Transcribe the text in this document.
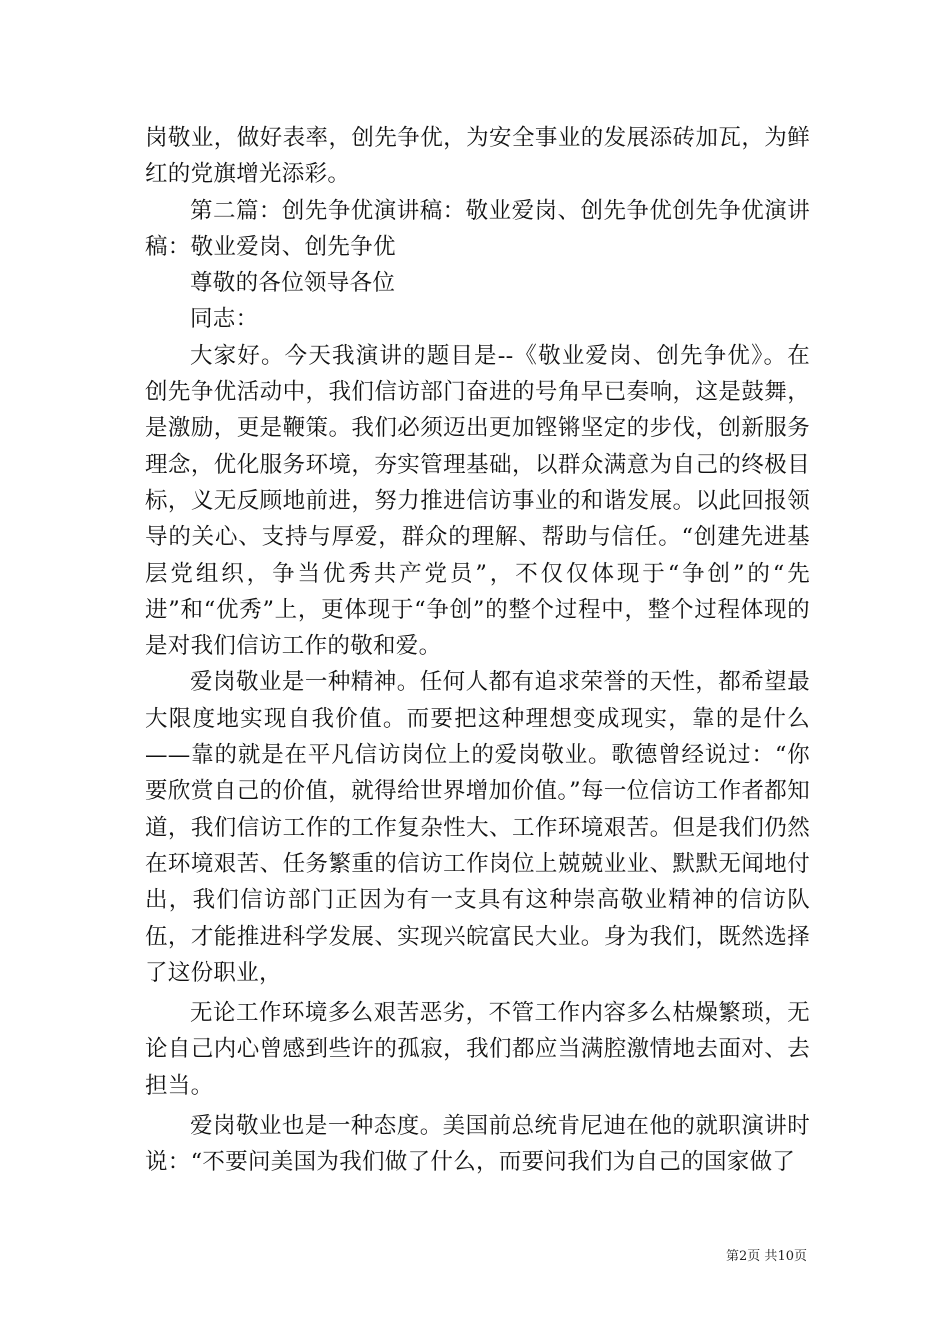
岗敬业，做好表率，创先争优，为安全事业的发展添砖加瓦，为鲜红的党旗增光添彩。

第二篇：创先争优演讲稿：敬业爱岗、创先争优创先争优演讲稿：敬业爱岗、创先争优

尊敬的各位领导各位

同志：

大家好。今天我演讲的题目是--《敬业爱岗、创先争优》。在创先争优活动中，我们信访部门奋进的号角早已奏响，这是鼓舞，是激励，更是鞭策。我们必须迈出更加铿锵坚定的步伐，创新服务理念，优化服务环境，夯实管理基础，以群众满意为自己的终极目标，义无反顾地前进，努力推进信访事业的和谐发展。以此回报领导的关心、支持与厚爱，群众的理解、帮助与信任。“创建先进基层党组织，争当优秀共产党员”，不仅仅体现于“争创”的“先进”和“优秀”上，更体现于“争创”的整个过程中，整个过程体现的是对我们信访工作的敬和爱。

爱岗敬业是一种精神。任何人都有追求荣誉的天性，都希望最大限度地实现自我价值。而要把这种理想变成现实，靠的是什么——靠的就是在平凡信访岗位上的爱岗敬业。歌德曾经说过：“你要欣赏自己的价值，就得给世界增加价值。”每一位信访工作者都知道，我们信访工作的工作复杂性大、工作环境艰苦。但是我们仍然在环境艰苦、任务繁重的信访工作岗位上兢兢业业、默默无闻地付出，我们信访部门正因为有一支具有这种崇高敬业精神的信访队伍，才能推进科学发展、实现兴皖富民大业。身为我们，既然选择了这份职业，

无论工作环境多么艰苦恶劣，不管工作内容多么枯燥繁琐，无论自己内心曾感到些许的孤寂，我们都应当满腔激情地去面对、去担当。

爱岗敬业也是一种态度。美国前总统肯尼迪在他的就职演讲时说：“不要问美国为我们做了什么，而要问我们为自己的国家做了

第2页 共10页
